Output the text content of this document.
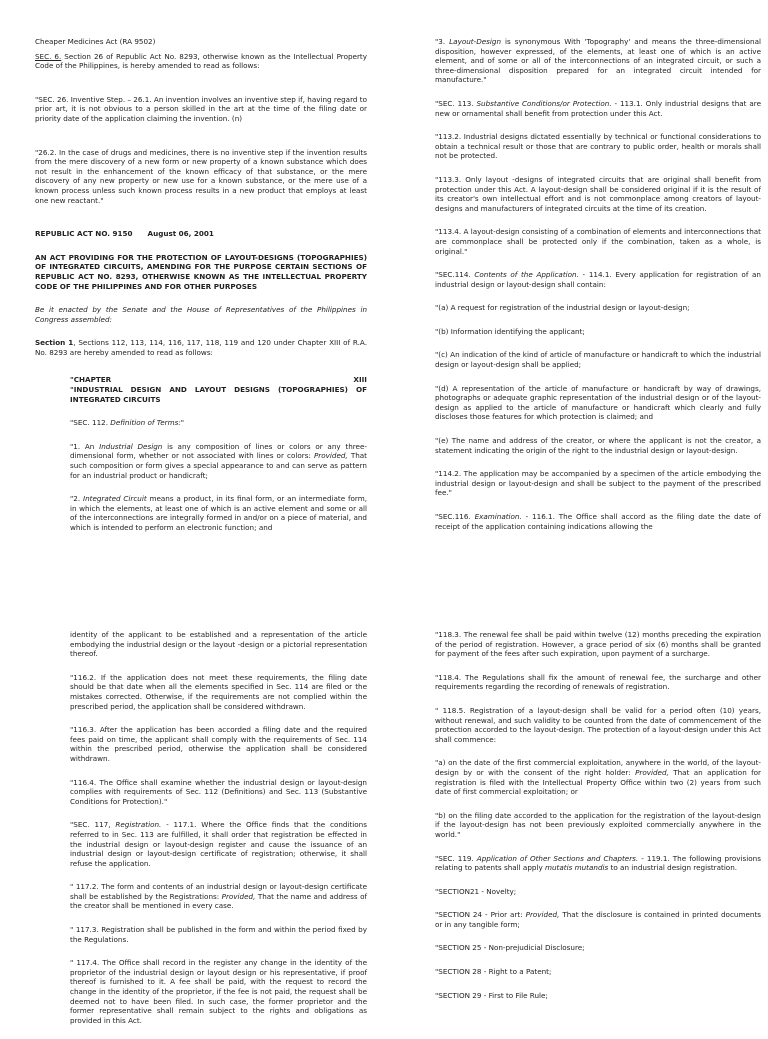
Cheaper Medicines Act (RA 9502)

SEC. 6. Section 26 of Republic Act No. 8293, otherwise known as the Intellectual Property Code of the Philippines, is hereby amended to read as follows:

"SEC. 26. Inventive Step. – 26.1. An invention involves an inventive step if, having regard to prior art, it is not obvious to a person skilled in the art at the time of the filing date or priority date of the application claiming the invention. (n)

"26.2. In the case of drugs and medicines, there is no inventive step if the invention results from the mere discovery of a new form or new property of a known substance which does not result in the enhancement of the known efficacy of that substance, or the mere discovery of any new property or new use for a known substance, or the mere use of a known process unless such known process results in a new product that employs at least one new reactant."

REPUBLIC ACT NO. 9150      August 06, 2001

AN ACT PROVIDING FOR THE PROTECTION OF LAYOUT-DESIGNS (TOPOGRAPHIES) OF INTEGRATED CIRCUITS, AMENDING FOR THE PURPOSE CERTAIN SECTIONS OF REPUBLIC ACT NO. 8293, OTHERWISE KNOWN AS THE INTELLECTUAL PROPERTY CODE OF THE PHILIPPINES AND FOR OTHER PURPOSES

Be it enacted by the Senate and the House of Representatives of the Philippines in Congress assembled:

Section 1, Sections 112, 113, 114, 116, 117, 118, 119 and 120 under Chapter XIII of R.A. No. 8293 are hereby amended to read as follows:

"CHAPTER	XIII

"INDUSTRIAL DESIGN AND LAYOUT DESIGNS (TOPOGRAPHIES) OF INTEGRATED CIRCUITS

"SEC. 112. Definition of Terms:"

"1. An Industrial Design is any composition of lines or colors or any three-dimensional form, whether or not associated with lines or colors: Provided, That such composition or form gives a special appearance to and can serve as pattern for an industrial product or handicraft;

"2. Integrated Circuit means a product, in its final form, or an intermediate form, in which the elements, at least one of which is an active element and some or all of the interconnections are integrally formed in and/or on a piece of material, and which is intended to perform an electronic function; and

"3. Layout-Design is synonymous With 'Topography' and means the three-dimensional disposition, however expressed, of the elements, at least one of which is an active element, and of some or all of the interconnections of an integrated circuit, or such a three-dimensional disposition prepared for an integrated circuit intended for manufacture."

"SEC. 113. Substantive Conditions/or Protection. - 113.1. Only industrial designs that are new or ornamental shall benefit from protection under this Act.

"113.2. Industrial designs dictated essentially by technical or functional considerations to obtain a technical result or those that are contrary to public order, health or morals shall not be protected.

"113.3. Only layout -designs of integrated circuits that are original shall benefit from protection under this Act. A layout-design shall be considered original if it is the result of its creator's own intellectual effort and is not commonplace among creators of layout-designs and manufacturers of integrated circuits at the time of its creation.

"113.4. A layout-design consisting of a combination of elements and interconnections that are commonplace shall be protected only if the combination, taken as a whole, is original."

"SEC.114. Contents of the Application. - 114.1. Every application for registration of an industrial design or layout-design shall contain:

"(a) A request for registration of the industrial design or layout-design;

"(b) Information identifying the applicant;

"(c) An indication of the kind of article of manufacture or handicraft to which the industrial design or layout-design shall be applied;

"(d) A representation of the article of manufacture or handicraft by way of drawings, photographs or adequate graphic representation of the industrial design or of the layout-design as applied to the article of manufacture or handicraft which clearly and fully discloses those features for which protection is claimed; and

"(e) The name and address of the creator, or where the applicant is not the creator, a statement indicating the origin of the right to the industrial design or layout-design.

"114.2. The application may be accompanied by a specimen of the article embodying the industrial design or layout-design and shall be subject to the payment of the prescribed fee."

"SEC.116. Examination. - 116.1. The Office shall accord as the filing date the date of receipt of the application containing indications allowing the

identity of the applicant to be established and a representation of the article embodying the industrial design or the layout -design or a pictorial representation thereof.

"116.2. If the application does not meet these requirements, the filing date should be that date when all the elements specified in Sec. 114 are filed or the mistakes corrected. Otherwise, if the requirements are not complied within the prescribed period, the application shall be considered withdrawn.

"116.3. After the application has been accorded a filing date and the required fees paid on time, the applicant shall comply with the requirements of Sec. 114 within the prescribed period, otherwise the application shall be considered withdrawn.

"116.4. The Office shall examine whether the industrial design or layout-design complies with requirements of Sec. 112 (Definitions) and Sec. 113 (Substantive Conditions for Protection)."

"SEC. 117, Registration. - 117.1. Where the Office finds that the conditions referred to in Sec. 113 are fulfilled, it shall order that registration be effected in the industrial design or layout-design register and cause the issuance of an industrial design or layout-design certificate of registration; otherwise, it shall refuse the application.

" 117.2. The form and contents of an industrial design or layout-design certificate shall be established by the Registrations: Provided, That the name and address of the creator shall be mentioned in every case.

" 117.3. Registration shall be published in the form and within the period fixed by the Regulations.

" 117.4. The Office shall record in the register any change in the identity of the proprietor of the industrial design or layout design or his representative, if proof thereof is furnished to it. A fee shall be paid, with the request to record the change in the identity of the proprietor, if the fee is not paid, the request shall be deemed not to have been filed. In such case, the former proprietor and the former representative shall remain subject to the rights and obligations as provided in this Act.

"118.3. The renewal fee shall be paid within twelve (12) months preceding the expiration of the period of registration. However, a grace period of six (6) months shall be granted for payment of the fees after such expiration, upon payment of a surcharge.

"118.4. The Regulations shall fix the amount of renewal fee, the surcharge and other requirements regarding the recording of renewals of registration.

" 118.5. Registration of a layout-design shall be valid for a period often (10) years, without renewal, and such validity to be counted from the date of commencement of the protection accorded to the layout-design. The protection of a layout-design under this Act shall commence:

"a) on the date of the first commercial exploitation, anywhere in the world, of the layout-design by or with the consent of the right holder: Provided, That an application for registration is filed with the Intellectual Property Office within two (2) years from such date of first commercial exploitation; or

"b) on the filing date accorded to the application for the registration of the layout-design if the layout-design has not been previously exploited commercially anywhere in the world."

"SEC. 119. Application of Other Sections and Chapters. - 119.1. The following provisions relating to patents shall apply mutatis mutandis to an industrial design registration.

"SECTION21 - Novelty;

"SECTION 24 - Prior art: Provided, That the disclosure is contained in printed documents or in any tangible form;

"SECTION 25 - Non-prejudicial Disclosure;

"SECTION 28 - Right to a Patent;

"SECTION 29 - First to File Rule;
